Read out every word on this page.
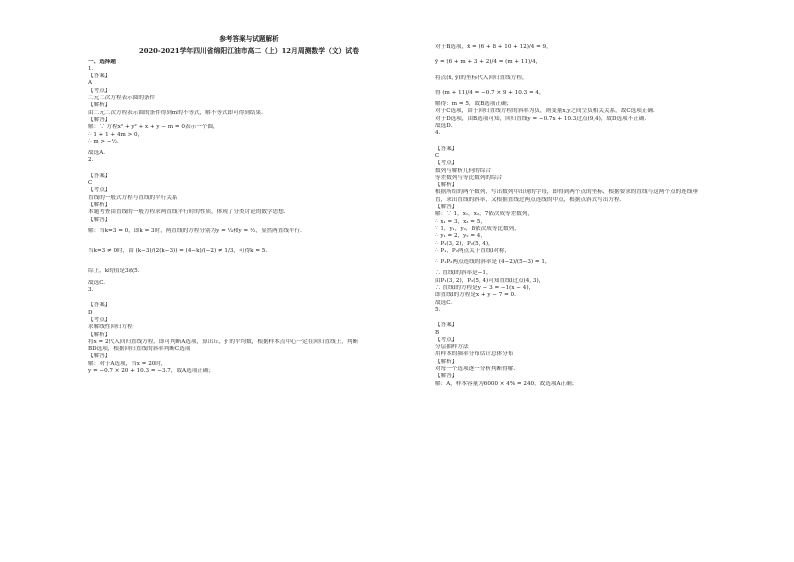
参考答案与试题解析
2020-2021学年四川省绵阳江油市高二（上）12月周测数学（文）试卷
一、选择题
1.
【答案】
A
【考点】
二元二次方程表示圆的条件
【解析】
由二元二次方程表示圆的条件得到m的不等式，解不等式即可得到结果.
【解答】
解：∵ 方程x² + y² + x + y − m = 0表示一个圆，
∴ 1 + 1 + 4m > 0，
∴ m > −½.
故选A.
2.
【答案】
C
【考点】
直线的一般式方程与直线的平行关系
【解析】
本题考查由直线的一般方程求两直线平行时的性质，体现了分类讨论的数学思想.
【解答】
解：当k=3 = 0，即k = 3时，两直线的方程分别为y = ¼和y = ½，显然两直线平行.
当k=3 ≠ 0时，由 (k−3)/(2(k−3)) = (4−k)/(−2) ≠ 1/3，可得k = 5.
综上，k的值是3或5.
故选C.
3.
【答案】
D
【考点】
求解线性回归方程
【解析】
将x = 2代入回归直线方程，即可判断A选项，算出丘，ȳ 的平均数，根据样本点中心一定在回归直线上，判断
BD选项，根据回归直线的斜率判断C选项
【解答】
解：对于A选项，当x = 20时，
y = −0.7 × 20 + 10.3 = −3.7，故A选项正确；
对于B选项，x̄ = (6 + 8 + 10 + 12)/4 = 9，
ȳ = (6 + m + 3 + 2)/4 = (m + 11)/4，
将点(x̄, ȳ)的坐标代入回归直线方程，
得 (m + 11)/4 = −0.7 × 9 + 10.3 = 4，
解得：m = 5，故B选项正确；
对于C选项，由于回归直线方程的斜率为负，则变量x,y之间呈负相关关系，故C选项正确.
对于D选项，由B选项可知，回归直线y = −0.7x + 10.3过点(9,4)，故D选项不正确.
故选D.
4.
【答案】
C
【考点】
数列与解析几何的综合
等差数列与等比数列的综合
【解析】
根据所给的两个数列，写出数列中出现的字母，即得到两个点的坐标，根据要求的直线与这两个点的连线垂
直，求出直线的斜率，又根据直线过两点连线的中点，根据点斜式写出方程.
【解答】
解：∵ 1，x₁，x₂，7依次成等差数列，
∴ x₁ = 3，x₂ = 5，
∵ 1，y₁，y₂，8依次成等比数列，
∴ y₁ = 2，y₂ = 4，
∴ P₁(3, 2)，P₂(5, 4)，
∴ P₁，P₂两点关于直线l对称，
∴ P₁P₂两点连线的斜率是 (4−2)/(5−3) = 1，
∴ 直线l的斜率是−1，
由P₁(3, 2)，P₂(5, 4)可知直线l过点(4, 3)，
∴ 直线l的方程是y − 3 = −1(x − 4)，
即直线l的方程是x + y − 7 = 0.
故选C.
5.
【答案】
B
【考点】
分层抽样方法
用样本的频率分布估计总体分布
【解析】
对每一个选项逐一分析判断得解.
【解答】
解：A，样本容量为6000 × 4% = 240，故选项A正确；
